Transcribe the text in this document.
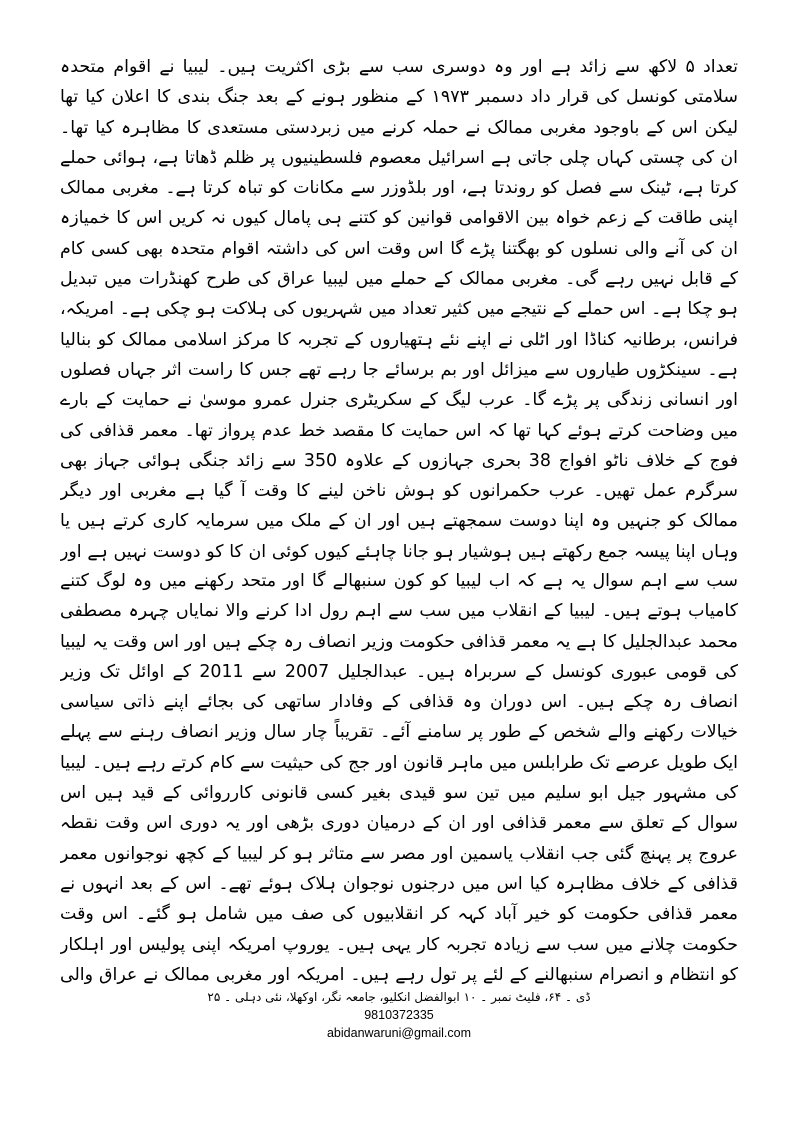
تعداد ۵ لاکھ سے زائد ہے اور وہ دوسری سب سے بڑی اکثریت ہیں۔ لیبیا نے اقوام متحدہ سلامتی کونسل کی قرار داد دسمبر ۱۹۷۳ کے منظور ہونے کے بعد جنگ بندی کا اعلان کیا تھا لیکن اس کے باوجود مغربی ممالک نے حملہ کرنے میں زبردستی مستعدی کا مظاہرہ کیا تھا۔ ان کی چستی کہاں چلی جاتی ہے اسرائیل معصوم فلسطینیوں پر ظلم ڈھاتا ہے، ہوائی حملے کرتا ہے، ٹینک سے فصل کو روندتا ہے، اور بلڈوزر سے مکانات کو تباہ کرتا ہے۔ مغربی ممالک اپنی طاقت کے زعم خواہ بین الاقوامی قوانین کو کتنے ہی پامال کیوں نہ کریں اس کا خمیازہ ان کی آنے والی نسلوں کو بھگتنا پڑے گا اس وقت اس کی داشتہ اقوام متحدہ بھی کسی کام کے قابل نہیں رہے گی۔ مغربی ممالک کے حملے میں لیبیا عراق کی طرح کھنڈرات میں تبدیل ہو چکا ہے۔ اس حملے کے نتیجے میں کثیر تعداد میں شہریوں کی ہلاکت ہو چکی ہے۔ امریکہ، فرانس، برطانیہ کناڈا اور اٹلی نے اپنے نئے ہتھیاروں کے تجربہ کا مرکز اسلامی ممالک کو بنالیا ہے۔ سینکڑوں طیاروں سے میزائل اور بم برسائے جا رہے تھے جس کا راست اثر جہاں فصلوں اور انسانی زندگی پر پڑے گا۔ عرب لیگ کے سکریٹری جنرل عمرو موسیٰ نے حمایت کے بارے میں وضاحت کرتے ہوئے کہا تھا کہ اس حمایت کا مقصد خط عدم پرواز تھا۔ معمر قذافی کی فوج کے خلاف ناٹو افواج 38 بحری جہازوں کے علاوہ 350 سے زائد جنگی ہوائی جہاز بھی سرگرم عمل تھیں۔ عرب حکمرانوں کو ہوش ناخن لینے کا وقت آ گیا ہے مغربی اور دیگر ممالک کو جنہیں وہ اپنا دوست سمجھتے ہیں اور ان کے ملک میں سرمایہ کاری کرتے ہیں یا وہاں اپنا پیسہ جمع رکھتے ہیں ہوشیار ہو جانا چاہئے کیوں کوئی ان کا کو دوست نہیں ہے اور

سب سے اہم سوال یہ ہے کہ اب لیبیا کو کون سنبھالے گا اور متحد رکھنے میں وہ لوگ کتنے کامیاب ہوتے ہیں۔ لیبیا کے انقلاب میں سب سے اہم رول ادا کرنے والا نمایاں چہرہ مصطفی محمد عبدالجلیل کا ہے یہ معمر قذافی حکومت وزیر انصاف رہ چکے ہیں اور اس وقت یہ لیبیا کی قومی عبوری کونسل کے سربراہ ہیں۔ عبدالجلیل 2007 سے 2011 کے اوائل تک وزیر انصاف رہ چکے ہیں۔ اس دوران وہ قذافی کے وفادار ساتھی کی بجائے اپنے ذاتی سیاسی خیالات رکھنے والے شخص کے طور پر سامنے آئے۔ تقریباً چار سال وزیر انصاف رہنے سے پہلے ایک طویل عرصے تک طرابلس میں ماہر قانون اور جج کی حیثیت سے کام کرتے رہے ہیں۔ لیبیا کی مشہور جیل ابو سلیم میں تین سو قیدی بغیر کسی قانونی کارروائی کے قید ہیں اس سوال کے تعلق سے معمر قذافی اور ان کے درمیان دوری بڑھی اور یہ دوری اس وقت نقطہ عروج پر پہنچ گئی جب انقلاب یاسمین اور مصر سے متاثر ہو کر لیبیا کے کچھ نوجوانوں معمر قذافی کے خلاف مظاہرہ کیا اس میں درجنوں نوجوان ہلاک ہوئے تھے۔ اس کے بعد انہوں نے معمر قذافی حکومت کو خیر آباد کہہ کر انقلابیوں کی صف میں شامل ہو گئے۔ اس وقت حکومت چلانے میں سب سے زیادہ تجربہ کار یہی ہیں۔ یوروپ امریکہ اپنی پولیس اور اہلکار کو انتظام و انصرام سنبھالنے کے لئے پر تول رہے ہیں۔ امریکہ اور مغربی ممالک نے عراق والی

ڈی ۔ ۶۴، فلیٹ نمبر ۔ ۱۰ ابوالفضل انکلیو، جامعہ نگر، اوکھلا، نئی دہلی ۔ ۲۵
9810372335
abidanwaruni@gmail.com
